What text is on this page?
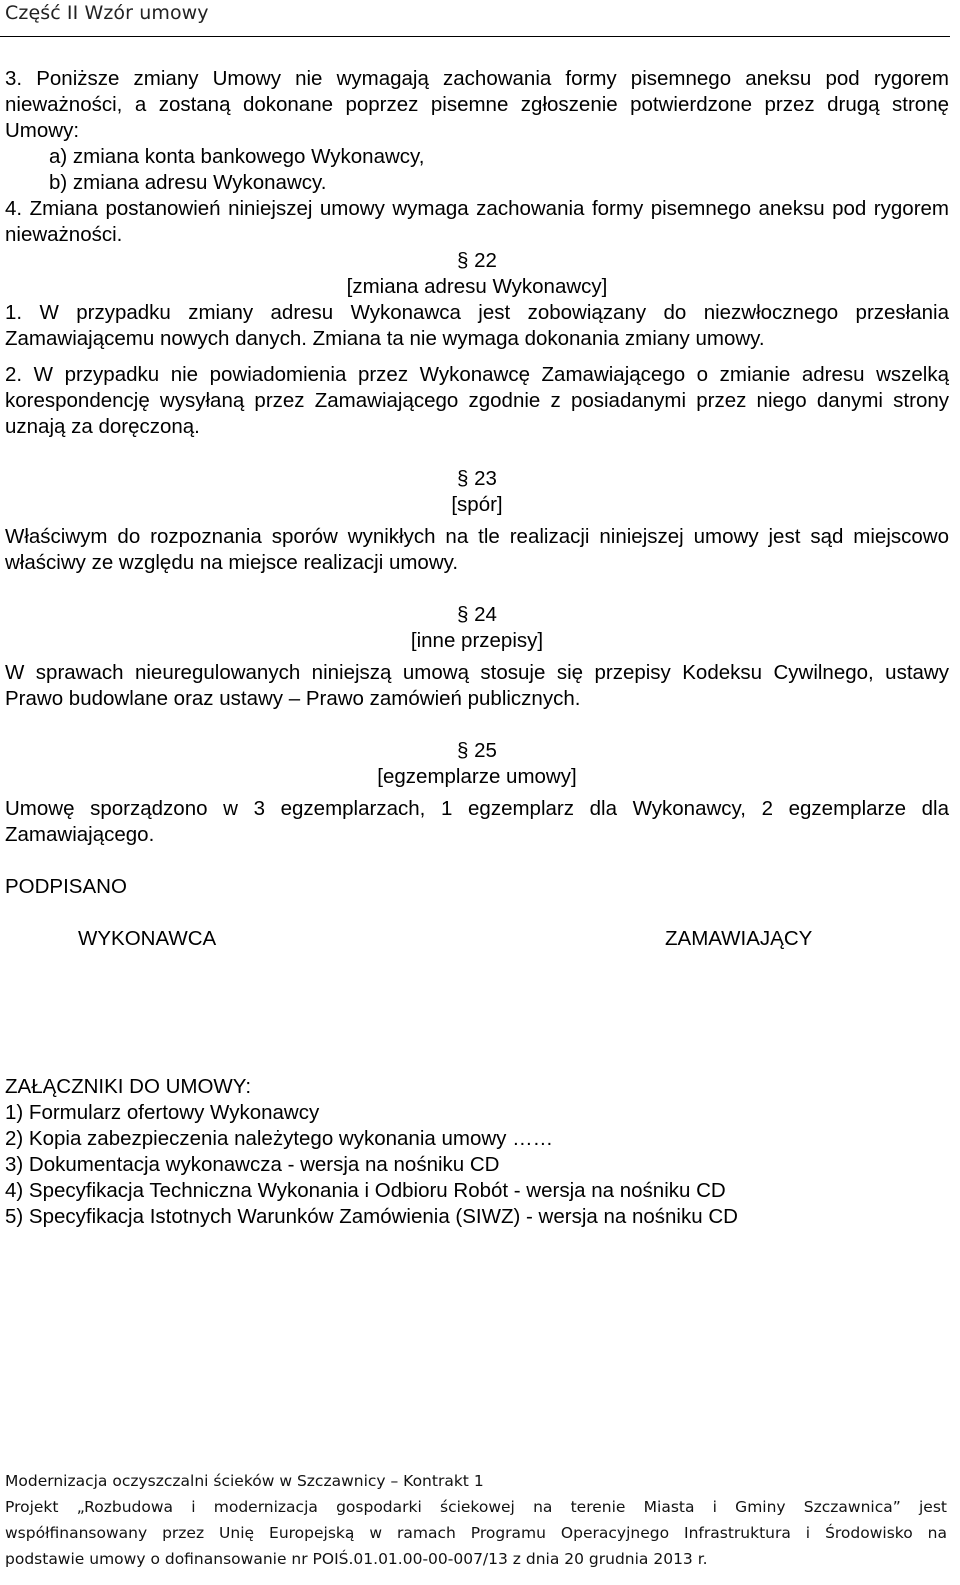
Część II Wzór umowy

3. Poniższe zmiany Umowy nie wymagają zachowania formy pisemnego aneksu pod rygorem nieważności, a zostaną dokonane poprzez pisemne zgłoszenie potwierdzone przez drugą stronę Umowy:

a) zmiana konta bankowego Wykonawcy,

b) zmiana adresu Wykonawcy.

4. Zmiana postanowień niniejszej umowy wymaga zachowania formy pisemnego aneksu pod rygorem nieważności.

§ 22
[zmiana adresu Wykonawcy]

1. W przypadku zmiany adresu Wykonawca jest zobowiązany do niezwłocznego przesłania Zamawiającemu nowych danych. Zmiana ta nie wymaga dokonania zmiany umowy.

2. W przypadku nie powiadomienia przez Wykonawcę Zamawiającego o zmianie adresu wszelką korespondencję wysyłaną przez Zamawiającego zgodnie z posiadanymi przez niego danymi strony uznają za doręczoną.

§ 23
[spór]

Właściwym do rozpoznania sporów wynikłych na tle realizacji niniejszej umowy jest sąd miejscowo właściwy ze względu na miejsce realizacji umowy.

§ 24
[inne przepisy]

W sprawach nieuregulowanych niniejszą umową stosuje się przepisy Kodeksu Cywilnego, ustawy Prawo budowlane oraz ustawy – Prawo zamówień publicznych.

§ 25
[egzemplarze umowy]

Umowę sporządzono w 3 egzemplarzach, 1 egzemplarz dla Wykonawcy, 2 egzemplarze dla Zamawiającego.

PODPISANO

WYKONAWCA	ZAMAWIAJĄCY

ZAŁĄCZNIKI DO UMOWY:

1) Formularz ofertowy Wykonawcy

2) Kopia zabezpieczenia należytego wykonania umowy ……

3) Dokumentacja wykonawcza - wersja na nośniku CD

4) Specyfikacja Techniczna Wykonania i Odbioru Robót - wersja na nośniku CD

5) Specyfikacja Istotnych Warunków Zamówienia (SIWZ) - wersja na nośniku CD

Modernizacja oczyszczalni ścieków w Szczawnicy – Kontrakt 1

Projekt „Rozbudowa i modernizacja gospodarki ściekowej na terenie Miasta i Gminy Szczawnica” jest

współfinansowany przez Unię Europejską w ramach Programu Operacyjnego Infrastruktura i Środowisko na

podstawie umowy o dofinansowanie nr POIŚ.01.01.00-00-007/13 z dnia 20 grudnia 2013 r.
